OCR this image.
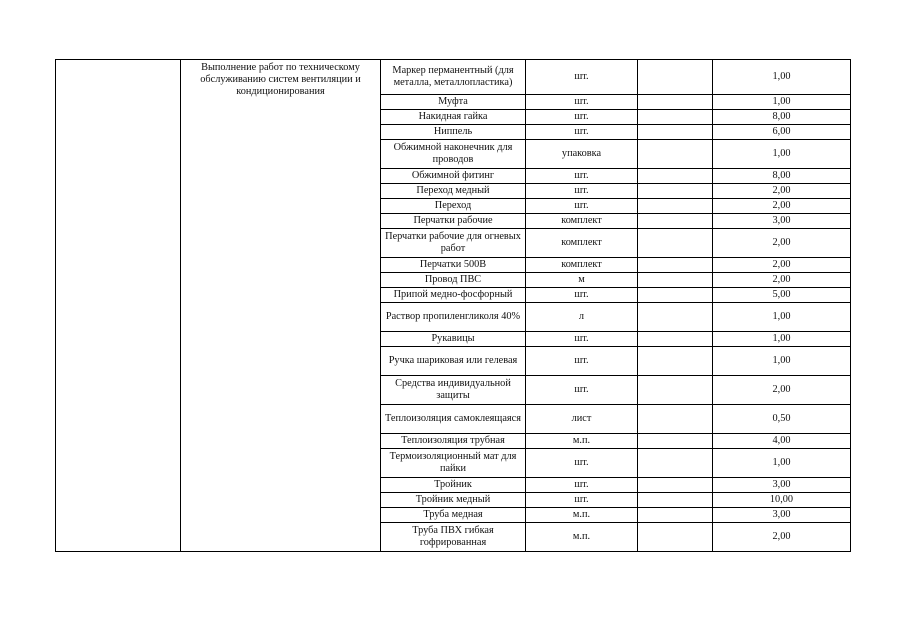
	Выполнение работ по техническому обслуживанию систем вентиляции и кондиционирования	Маркер перманентный (для металла, металлопластика)	шт.		1,00
		Муфта	шт.		1,00
		Накидная гайка	шт.		8,00
		Ниппель	шт.		6,00
		Обжимной наконечник для проводов	упаковка		1,00
		Обжимной фитинг	шт.		8,00
		Переход медный	шт.		2,00
		Переход	шт.		2,00
		Перчатки рабочие	комплект		3,00
		Перчатки рабочие для огневых работ	комплект		2,00
		Перчатки 500В	комплект		2,00
		Провод ПВС	м		2,00
		Припой медно-фосфорный	шт.		5,00
		Раствор пропиленгликоля 40%	л		1,00
		Рукавицы	шт.		1,00
		Ручка шариковая или гелевая	шт.		1,00
		Средства индивидуальной защиты	шт.		2,00
		Теплоизоляция самоклеящаяся	лист		0,50
		Теплоизоляция трубная	м.п.		4,00
		Термоизоляционный мат для пайки	шт.		1,00
		Тройник	шт.		3,00
		Тройник медный	шт.		10,00
		Труба медная	м.п.		3,00
		Труба ПВХ гибкая гофрированная	м.п.		2,00
